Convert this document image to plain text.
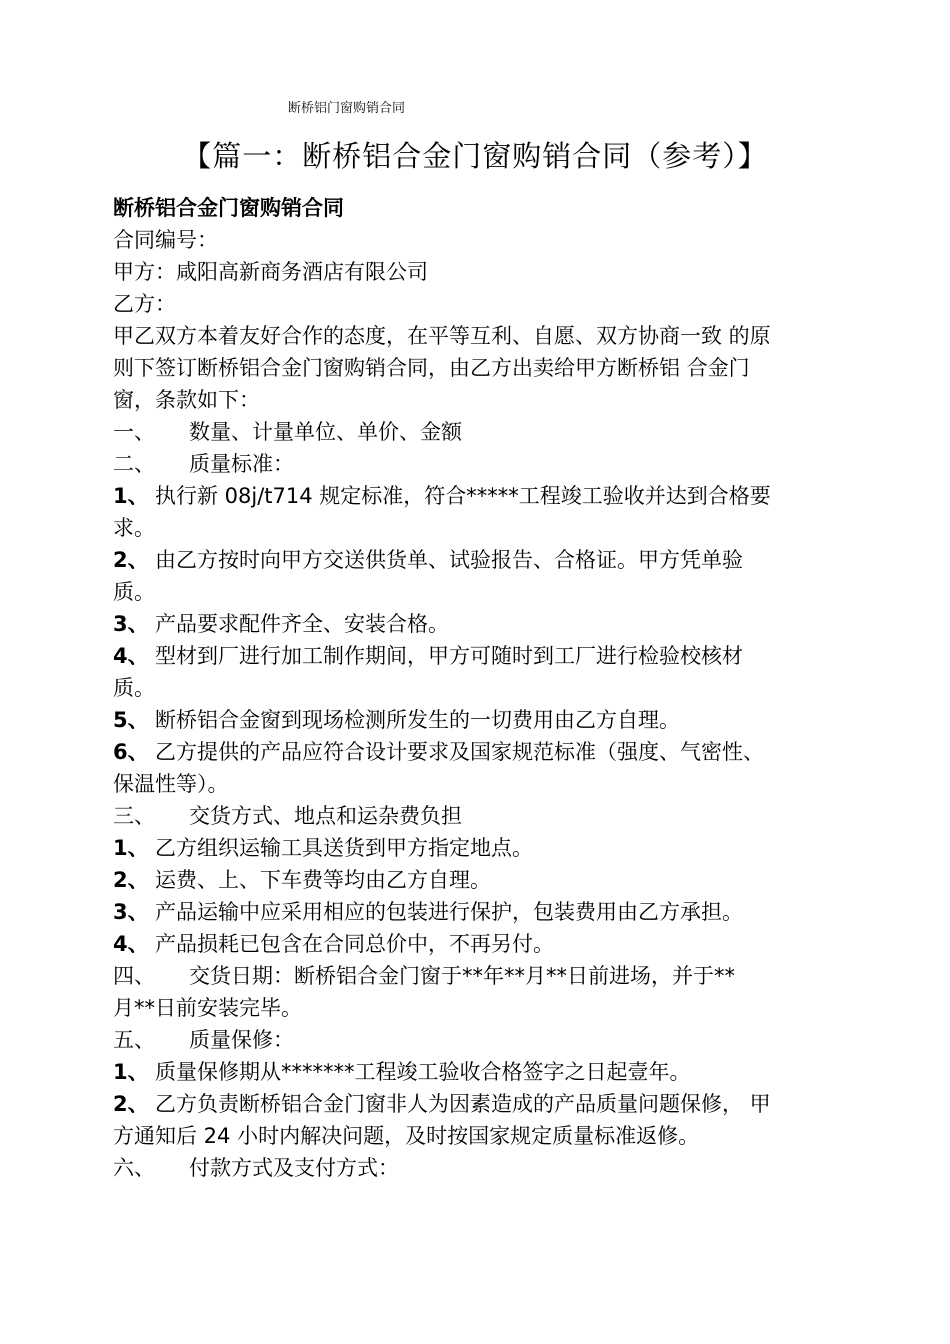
断桥铝门窗购销合同
【篇一：断桥铝合金门窗购销合同（参考）】
断桥铝合金门窗购销合同
合同编号：
甲方：咸阳高新商务酒店有限公司
乙方：
甲乙双方本着友好合作的态度，在平等互利、自愿、双方协商一致 的原
则下签订断桥铝合金门窗购销合同，由乙方出卖给甲方断桥铝 合金门
窗，条款如下：
一、 数量、计量单位、单价、金额
二、 质量标准：
1、 执行新 08j/t714 规定标准，符合*****工程竣工验收并达到合格要
求。
2、 由乙方按时向甲方交送供货单、试验报告、合格证。甲方凭单验
质。
3、 产品要求配件齐全、安装合格。
4、 型材到厂进行加工制作期间，甲方可随时到工厂进行检验校核材
质。
5、 断桥铝合金窗到现场检测所发生的一切费用由乙方自理。
6、 乙方提供的产品应符合设计要求及国家规范标准（强度、气密性、
保温性等）。
三、 交货方式、地点和运杂费负担
1、 乙方组织运输工具送货到甲方指定地点。
2、 运费、上、下车费等均由乙方自理。
3、 产品运输中应采用相应的包装进行保护，包装费用由乙方承担。
4、 产品损耗已包含在合同总价中，不再另付。
四、 交货日期：断桥铝合金门窗于**年**月**日前进场，并于**
月**日前安装完毕。
五、 质量保修：
1、 质量保修期从*******工程竣工验收合格签字之日起壹年。
2、 乙方负责断桥铝合金门窗非人为因素造成的产品质量问题保修， 甲
方通知后 24 小时内解决问题，及时按国家规定质量标准返修。
六、 付款方式及支付方式：
